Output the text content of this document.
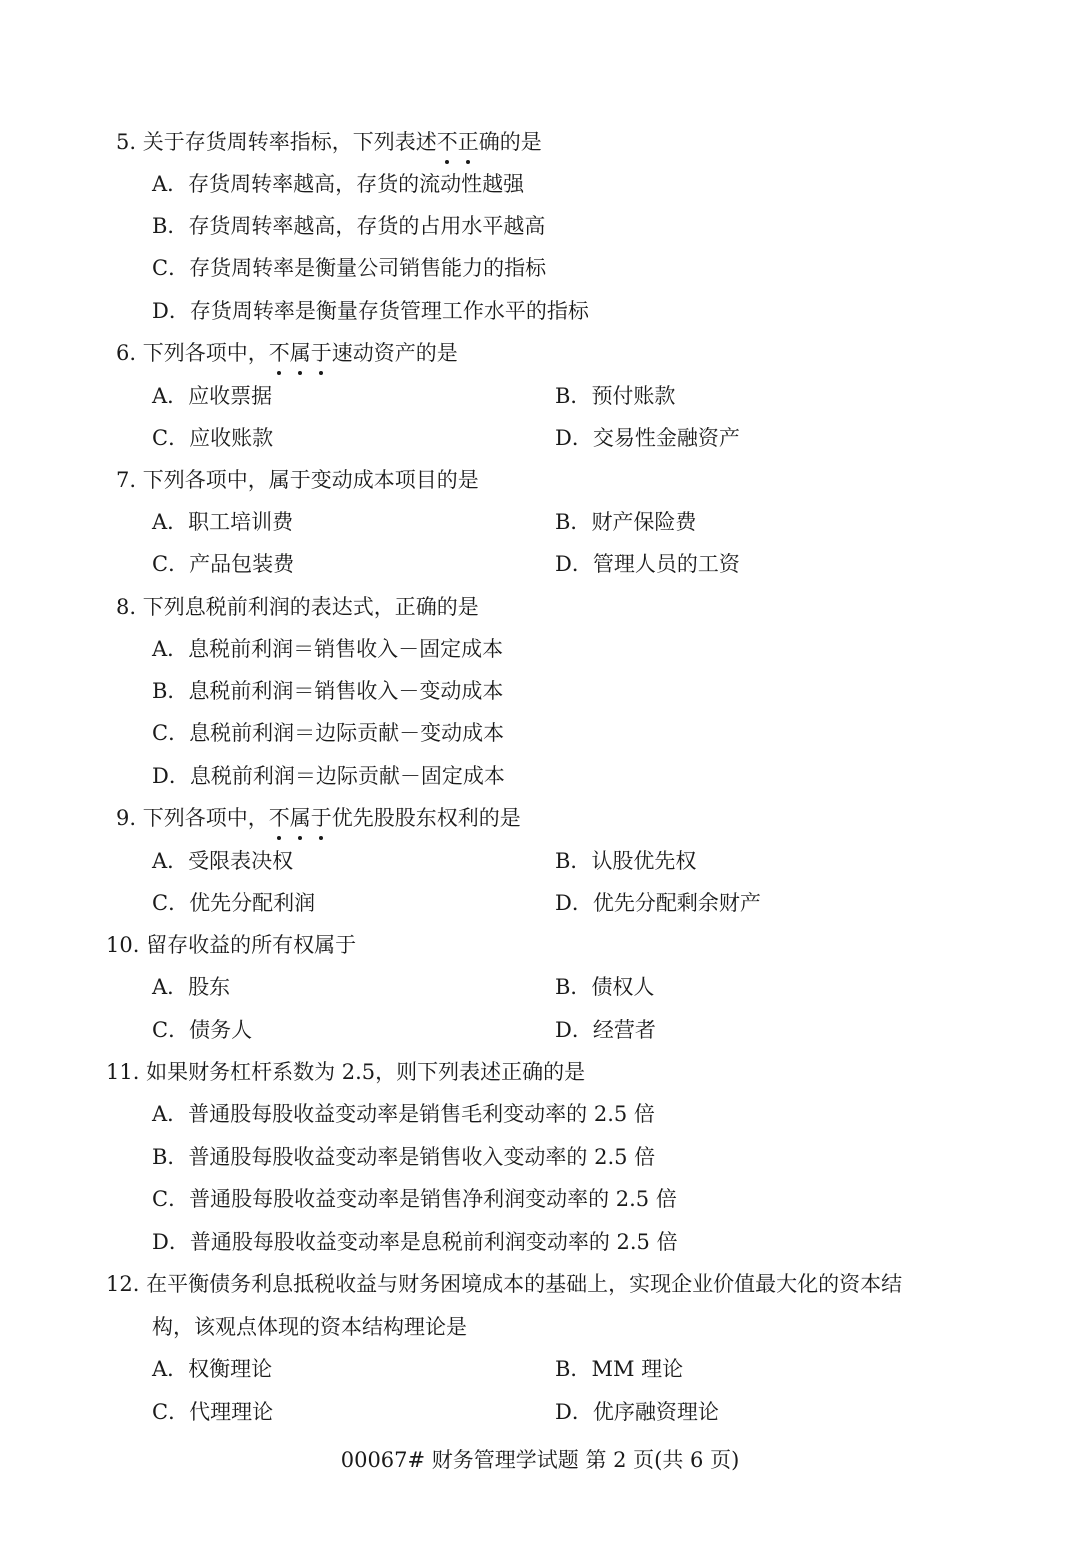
5. 关于存货周转率指标，下列表述不正确的是
A．存货周转率越高，存货的流动性越强
B．存货周转率越高，存货的占用水平越高
C．存货周转率是衡量公司销售能力的指标
D．存货周转率是衡量存货管理工作水平的指标
6. 下列各项中，不属于速动资产的是
A．应收票据	B．预付账款
C．应收账款	D．交易性金融资产
7. 下列各项中，属于变动成本项目的是
A．职工培训费	B．财产保险费
C．产品包装费	D．管理人员的工资
8. 下列息税前利润的表达式，正确的是
A．息税前利润＝销售收入－固定成本
B．息税前利润＝销售收入－变动成本
C．息税前利润＝边际贡献－变动成本
D．息税前利润＝边际贡献－固定成本
9. 下列各项中，不属于优先股股东权利的是
A．受限表决权	B．认股优先权
C．优先分配利润	D．优先分配剩余财产
10. 留存收益的所有权属于
A．股东	B．债权人
C．债务人	D．经营者
11. 如果财务杠杆系数为 2.5，则下列表述正确的是
A．普通股每股收益变动率是销售毛利变动率的 2.5 倍
B．普通股每股收益变动率是销售收入变动率的 2.5 倍
C．普通股每股收益变动率是销售净利润变动率的 2.5 倍
D．普通股每股收益变动率是息税前利润变动率的 2.5 倍
12. 在平衡债务利息抵税收益与财务困境成本的基础上，实现企业价值最大化的资本结
构，该观点体现的资本结构理论是
A．权衡理论	B．MM 理论
C．代理理论	D．优序融资理论
00067# 财务管理学试题 第 2 页(共 6 页)
